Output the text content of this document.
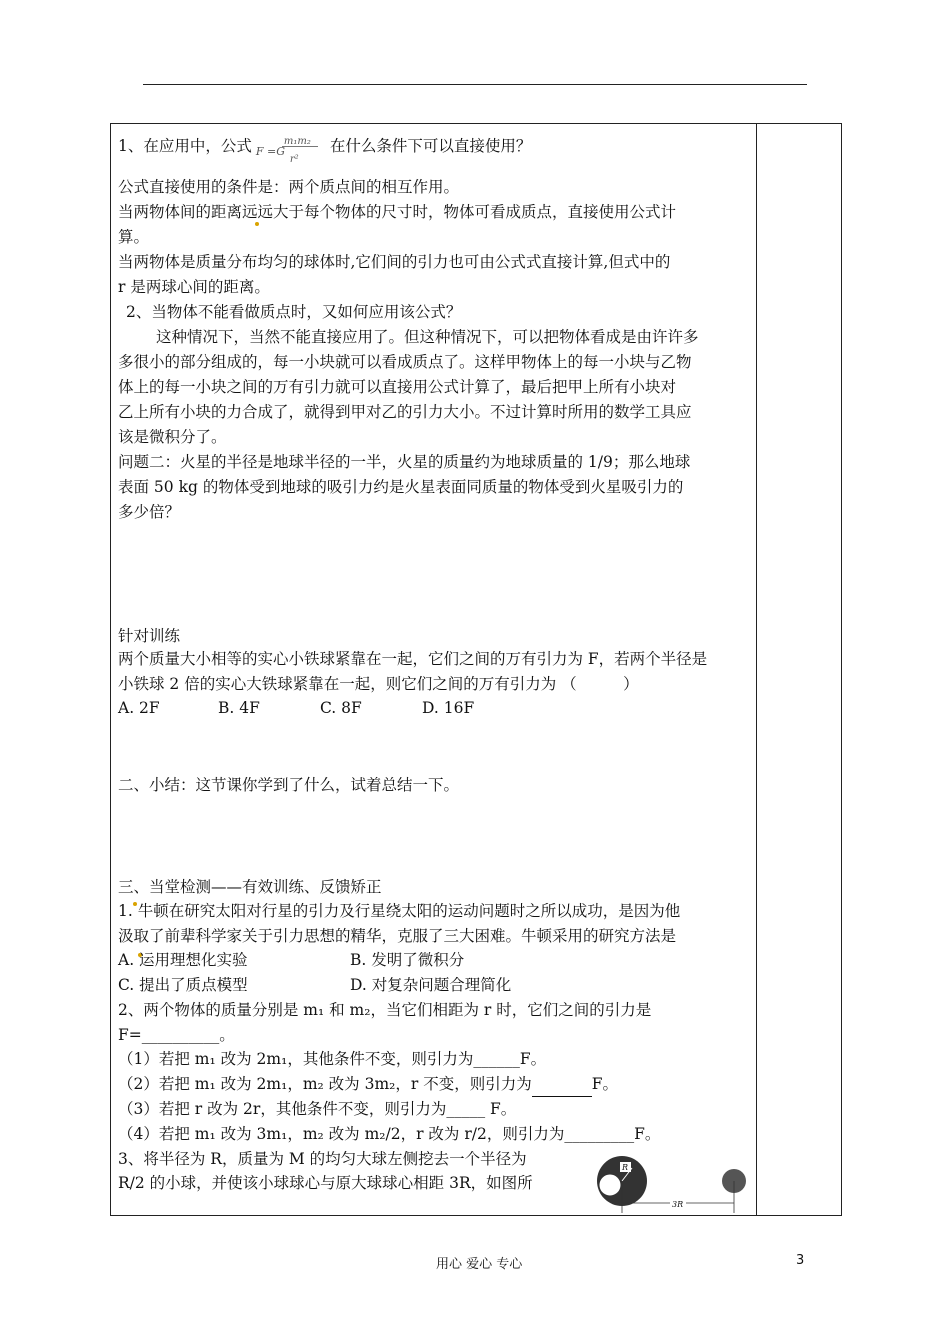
1、在应用中，公式 F =G
m₁m₂
r²
在什么条件下可以直接使用？
公式直接使用的条件是：两个质点间的相互作用。
当两物体间的距离远远大于每个物体的尺寸时，物体可看成质点，直接使用公式计
算。
当两物体是质量分布均匀的球体时,它们间的引力也可由公式式直接计算,但式中的
r 是两球心间的距离。
2、当物体不能看做质点时，又如何应用该公式？
这种情况下，当然不能直接应用了。但这种情况下，可以把物体看成是由许许多
多很小的部分组成的，每一小块就可以看成质点了。这样甲物体上的每一小块与乙物
体上的每一小块之间的万有引力就可以直接用公式计算了，最后把甲上所有小块对
乙上所有小块的力合成了，就得到甲对乙的引力大小。不过计算时所用的数学工具应
该是微积分了。
问题二：火星的半径是地球半径的一半，火星的质量约为地球质量的 1/9；那么地球
表面 50 kg 的物体受到地球的吸引力约是火星表面同质量的物体受到火星吸引力的
多少倍？
针对训练
两个质量大小相等的实心小铁球紧靠在一起，它们之间的万有引力为 F，若两个半径是
小铁球 2 倍的实心大铁球紧靠在一起，则它们之间的万有引力为 （　　　）
A. 2F	B. 4F	C. 8F	D. 16F
二、小结：这节课你学到了什么，试着总结一下。
三、当堂检测——有效训练、反馈矫正
1. 牛顿在研究太阳对行星的引力及行星绕太阳的运动问题时之所以成功，是因为他
汲取了前辈科学家关于引力思想的精华，克服了三大困难。牛顿采用的研究方法是
A. 运用理想化实验	B. 发明了微积分
C. 提出了质点模型	D. 对复杂问题合理简化
2、两个物体的质量分别是 m₁ 和 m₂，当它们相距为 r 时，它们之间的引力是
F=__________。
（1）若把 m₁ 改为 2m₁，其他条件不变，则引力为______F。
（2）若把 m₁ 改为 2m₁，m₂ 改为 3m₂，r 不变，则引力为	F。
（3）若把 r 改为 2r，其他条件不变，则引力为_____ F。
（4）若把 m₁ 改为 3m₁，m₂ 改为 m₂/2，r 改为 r/2，则引力为_________F。
3、将半径为 R，质量为 M 的均匀大球左侧挖去一个半径为
R/2 的小球，并使该小球球心与原大球球心相距 3R，如图所
R
3R
用心 爱心 专心	3
